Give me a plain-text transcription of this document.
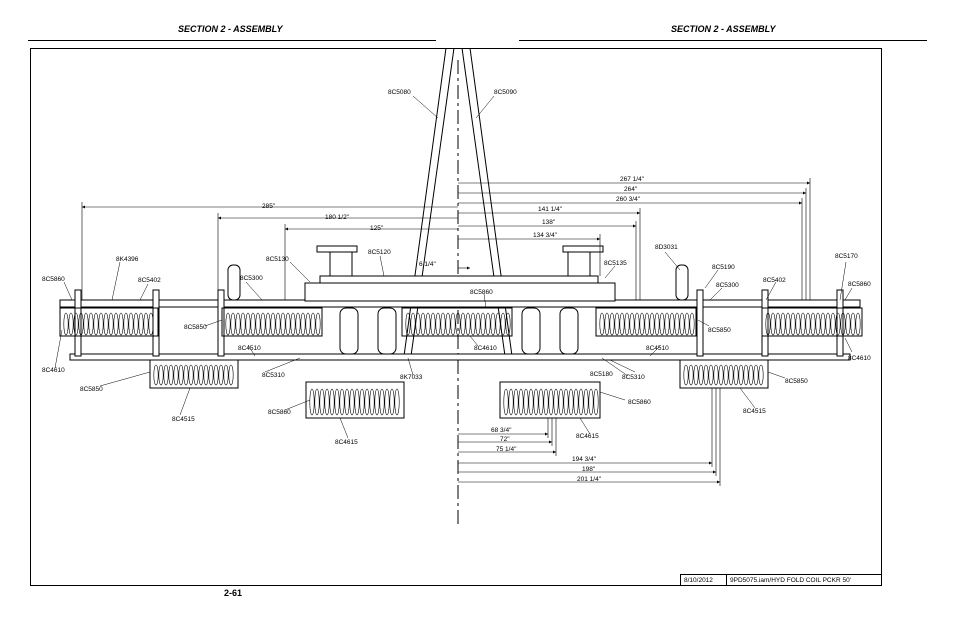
SECTION 2 - ASSEMBLY	SECTION 2 - ASSEMBLY
267 1/4"
264"
260 3/4"
285"
180 1/2"
141 1/4"
138"
125"
134 3/4"
6 1/4"
68 3/4"
72"
75 1/4"
194 3/4"
198"
201 1/4"
8C5080	8C5090
8C5860
8K4396
8C5402	8C5300
8C5130
8C5120
8C5860
8C5135
8D3031
8C5190
8C5300
8C5402
8C5170
8C5860
8C5850
8C4610
8C4510	8C4610
8C5850
8C4510
8C4610
8C5850
8C5310	8K7033	8C5180 8C5310
8C5850
8C4515
8C5860
8C5860
8C4515
8C4615
8C4615
8/10/2012	9PD5075.iam/HYD FOLD COIL PCKR 50'
2-61
